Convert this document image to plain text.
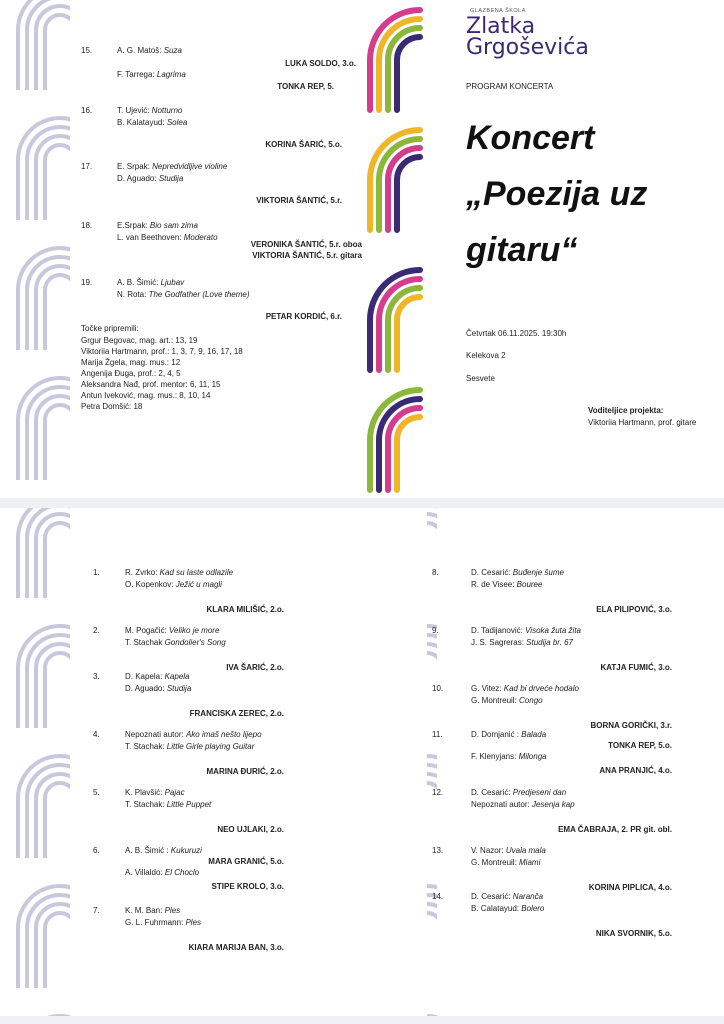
15.	A. G. Matoš: Suza
LUKA SOLDO, 3.o.
F. Tarrega: Lagrima
TONKA REP, 5.
16.	T. Ujević: Notturno
B. Kalatayud: Solea
KORINA ŠARIĆ, 5.o.
17.	E. Srpak: Nepredvidljive violine
D. Aguado: Studija
VIKTORIA ŠANTIĆ, 5.r.
18.	E.Srpak: Bio sam zima
L. van Beethoven: Moderato
VERONIKA ŠANTIĆ, 5.r. oboa
VIKTORIA ŠANTIĆ, 5.r. gitara
19.	A. B. Šimić: Ljubav
N. Rota: The Godfather (Love theme)
PETAR KORDIĆ, 6.r.
Točke pripremili:
Grgur Begovac, mag. art.: 13, 19
Viktoriia Hartmann, prof.: 1, 3, 7, 9, 16, 17, 18
Marija Žgela, mag. mus.: 12
Angenija Đuga, prof.: 2, 4, 5
Aleksandra Nađ, prof. mentor: 6, 11, 15
Antun Iveković, mag. mus.: 8, 10, 14
Petra Domšić: 18
GLAZBENA ŠKOLA
Zlatka
Grgoševića
PROGRAM KONCERTA
Koncert
„Poezija uz
gitaru“
Četvrtak 06.11.2025. 19:30h
Kelekova 2
Sesvete
Voditeljice projekta:
Viktoriia Hartmann, prof. gitare
1.	R. Zvrko: Kad su laste odlazile
O. Kopenkov: Ježić u magli
KLARA MILIŠIĆ, 2.o.
2.	M. Pogačić: Veliko je more
T. Stachak Gondolier's Song
IVA ŠARIĆ, 2.o.
3.	D. Kapela: Kapela
D. Aguado: Studija
FRANCISKA ZEREC, 2.o.
4.	Nepoznati autor: Ako imaš nešto lijepo
T. Stachak: Little Girle playing Guitar
MARINA ĐURIĆ, 2.o.
5.	K. Plavšić: Pajac
T. Stachak: Little Puppet
NEO UJLAKI, 2.o.
6.	A. B. Šimić : Kukuruzi
MARA GRANIĆ, 5.o.
A. Villaldo: El Choclo
STIPE KROLO, 3.o.
7.	K. M. Ban: Ples
G. L. Fuhrmann: Ples
KIARA MARIJA BAN, 3.o.
8.	D. Cesarić: Buđenje šume
R. de Visee: Bouree
ELA PILIPOVIĆ, 3.o.
9.	D. Tadijanović: Visoka žuta žita
J. S. Sagreras: Studija br. 67
KATJA FUMIĆ, 3.o.
10.	G. Vitez: Kad bi drveće hodalo
G. Montreuil: Congo
BORNA GORIČKI, 3.r.
11.	D. Domjanić : Balada
TONKA REP, 5.o.
F. Klenyjans: Milonga
ANA PRANJIĆ, 4.o.
12.	D. Cesarić: Predjeseni dan
Nepoznati autor: Jesenja kap
EMA ČABRAJA, 2. PR git. obl.
13.	V. Nazor: Uvala mala
G. Montreuil: Miami
KORINA PIPLICA, 4.o.
14.	D. Cesarić: Naranča
B. Calatayud: Bolero
NIKA SVORNIK, 5.o.
